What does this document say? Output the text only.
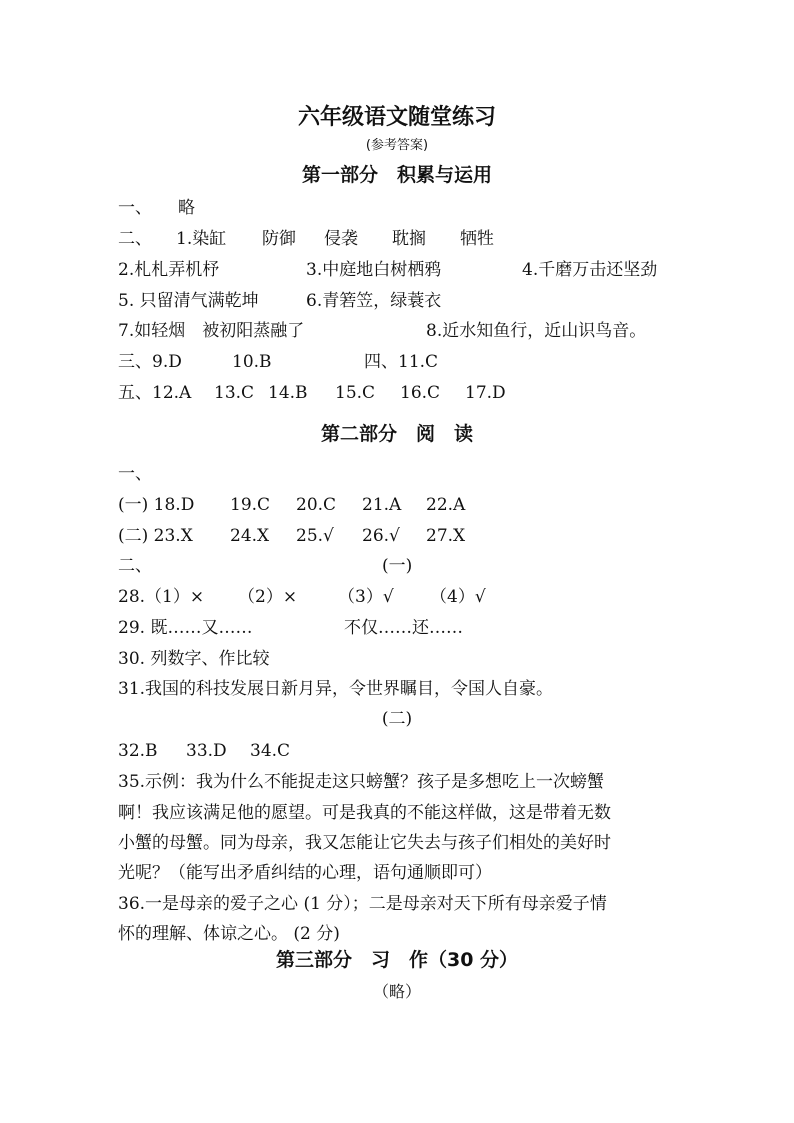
六年级语文随堂练习
(参考答案)
第一部分　积累与运用
一、 略
二、 1.染缸 防御 侵袭 耽搁 牺牲
2.札札弄机杼	3.中庭地白树栖鸦	4.千磨万击还坚劲
5. 只留清气满乾坤	6.青箬笠，绿蓑衣
7.如轻烟　被初阳蒸融了	8.近水知鱼行，近山识鸟音。
三、9.D	10.B	四、11.C
五、12.A 13.C 14.B 15.C 16.C 17.D
第二部分　阅　读
一、
(一) 18.D 19.C 20.C 21.A 22.A
(二) 23.X 24.X 25.√ 26.√ 27.X
二、	(一)
28.（1）× （2）× （3）√ （4）√
29. 既……又……	不仅……还……
30. 列数字、作比较
31.我国的科技发展日新月异，令世界瞩目，令国人自豪。
(二)
32.B 33.D 34.C
35.示例：我为什么不能捉走这只螃蟹？孩子是多想吃上一次螃蟹
啊！我应该满足他的愿望。可是我真的不能这样做，这是带着无数
小蟹的母蟹。同为母亲，我又怎能让它失去与孩子们相处的美好时
光呢？（能写出矛盾纠结的心理，语句通顺即可）
36.一是母亲的爱子之心 (1 分）；二是母亲对天下所有母亲爱子情
怀的理解、体谅之心。 (2 分)
第三部分　习　作（30 分）
（略）
